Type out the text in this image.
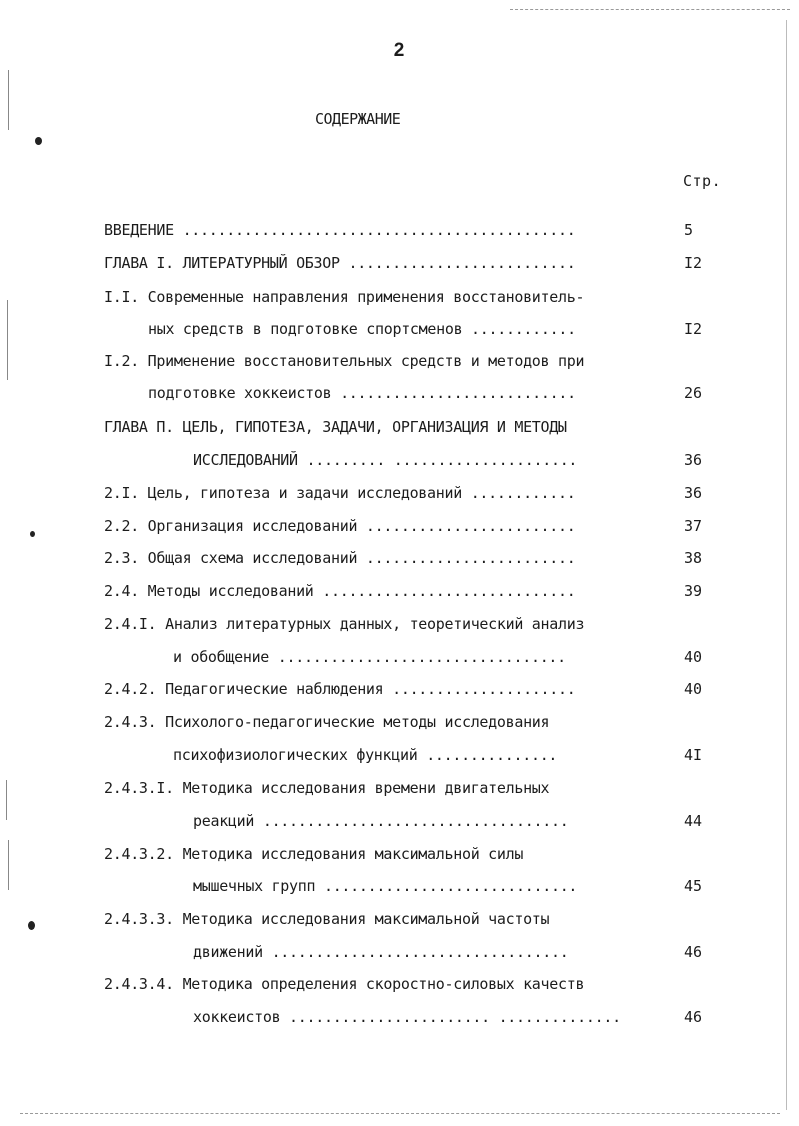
2
СОДЕРЖАНИЕ
Стр.
ВВЕДЕНИЕ .............................................	5
ГЛАВА I. ЛИТЕРАТУРНЫЙ ОБЗОР ..........................	I2
I.I. Современные направления применения восстановитель-
ных средств в подготовке спортсменов ............	I2
I.2. Применение восстановительных средств и методов при
подготовке хоккеистов ...........................	26
ГЛАВА П. ЦЕЛЬ, ГИПОТЕЗА, ЗАДАЧИ, ОРГАНИЗАЦИЯ И МЕТОДЫ
ИССЛЕДОВАНИЙ ......... .....................	36
2.I. Цель, гипотеза и задачи исследований ............	36
2.2. Организация исследований ........................	37
2.3. Общая схема исследований ........................	38
2.4. Методы исследований .............................	39
2.4.I. Анализ литературных данных, теоретический анализ
и обобщение .................................	40
2.4.2. Педагогические наблюдения .....................	40
2.4.3. Психолого-педагогические методы исследования
психофизиологических функций ...............	4I
2.4.3.I. Методика исследования времени двигательных
реакций ...................................	44
2.4.3.2. Методика исследования максимальной силы
мышечных групп .............................	45
2.4.3.3. Методика исследования максимальной частоты
движений ..................................	46
2.4.3.4. Методика определения скоростно-силовых качеств
хоккеистов ....................... ..............	46
